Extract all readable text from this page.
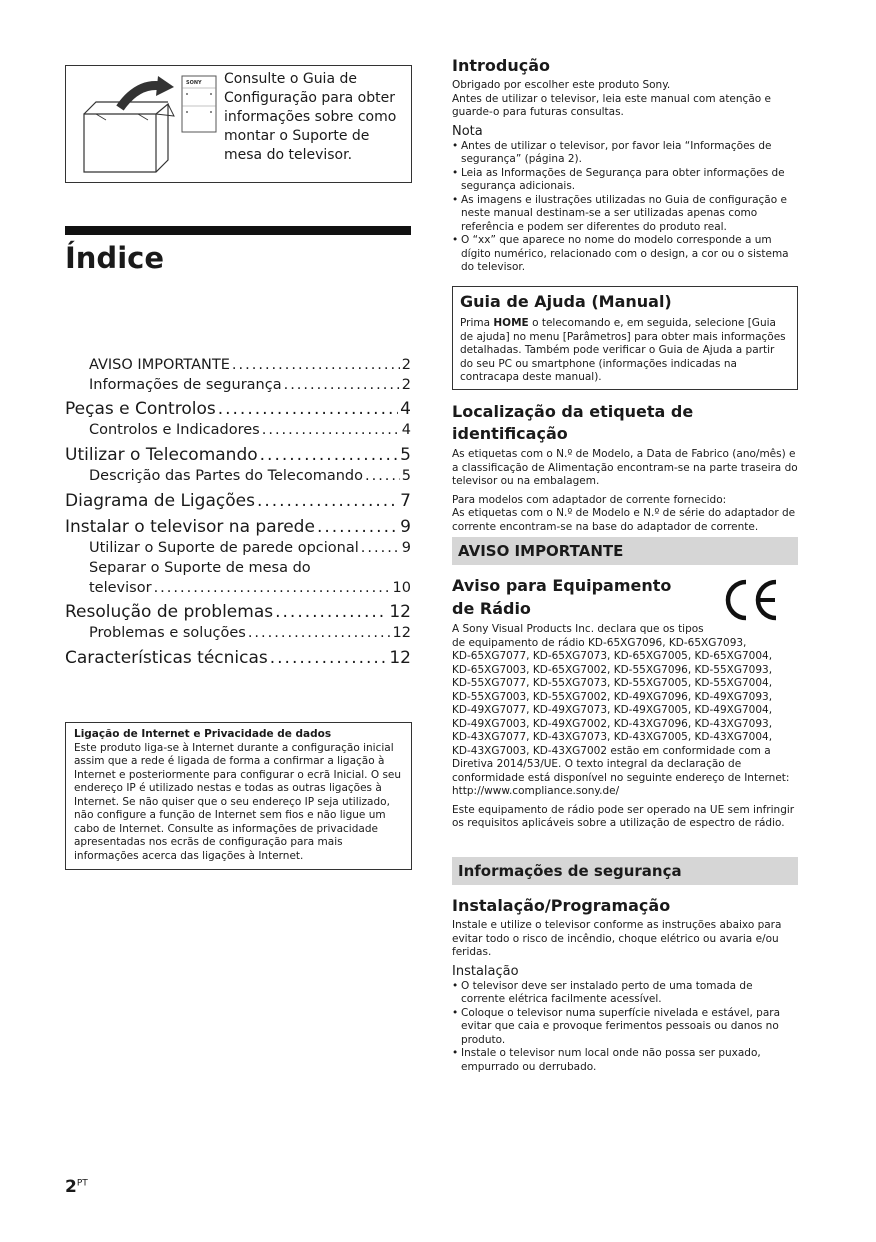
SONY Consulte o Guia de Configuração para obter informações sobre como montar o Suporte de mesa do televisor.
Índice
AVISO IMPORTANTE .....	2
Informações de segurança .....	2
Peças e Controlos .....	4
Controlos e Indicadores .....	4
Utilizar o Telecomando .....	5
Descrição das Partes do Telecomando .....	5
Diagrama de Ligações .....	7
Instalar o televisor na parede .....	9
Utilizar o Suporte de parede opcional .....	9
Separar o Suporte de mesa do
televisor .....	10
Resolução de problemas .....	12
Problemas e soluções .....	12
Características técnicas .....	12
Ligação de Internet e Privacidade de dados
Este produto liga-se à Internet durante a configuração inicial assim que a rede é ligada de forma a confirmar a ligação à Internet e posteriormente para configurar o ecrã Inicial. O seu endereço IP é utilizado nestas e todas as outras ligações à Internet. Se não quiser que o seu endereço IP seja utilizado, não configure a função de Internet sem fios e não ligue um cabo de Internet. Consulte as informações de privacidade apresentadas nos ecrãs de configuração para mais informações acerca das ligações à Internet.
Introdução
Obrigado por escolher este produto Sony.
Antes de utilizar o televisor, leia este manual com atenção e guarde-o para futuras consultas.
Nota
• Antes de utilizar o televisor, por favor leia “Informações de segurança” (página 2).
• Leia as Informações de Segurança para obter informações de segurança adicionais.
• As imagens e ilustrações utilizadas no Guia de configuração e neste manual destinam-se a ser utilizadas apenas como referência e podem ser diferentes do produto real.
• O “xx” que aparece no nome do modelo corresponde a um dígito numérico, relacionado com o design, a cor ou o sistema do televisor.
Guia de Ajuda (Manual)
Prima HOME o telecomando e, em seguida, selecione [Guia de ajuda] no menu [Parâmetros] para obter mais informações detalhadas. Também pode verificar o Guia de Ajuda a partir do seu PC ou smartphone (informações indicadas na contracapa deste manual).
Localização da etiqueta de identificação
As etiquetas com o N.º de Modelo, a Data de Fabrico (ano/mês) e a classificação de Alimentação encontram-se na parte traseira do televisor ou na embalagem.
Para modelos com adaptador de corrente fornecido:
As etiquetas com o N.º de Modelo e N.º de série do adaptador de corrente encontram-se na base do adaptador de corrente.
AVISO IMPORTANTE
Aviso para Equipamento de Rádio
A Sony Visual Products Inc. declara que os tipos
de equipamento de rádio KD-65XG7096, KD-65XG7093,
KD-65XG7077, KD-65XG7073, KD-65XG7005, KD-65XG7004,
KD-65XG7003, KD-65XG7002, KD-55XG7096, KD-55XG7093,
KD-55XG7077, KD-55XG7073, KD-55XG7005, KD-55XG7004,
KD-55XG7003, KD-55XG7002, KD-49XG7096, KD-49XG7093,
KD-49XG7077, KD-49XG7073, KD-49XG7005, KD-49XG7004,
KD-49XG7003, KD-49XG7002, KD-43XG7096, KD-43XG7093,
KD-43XG7077, KD-43XG7073, KD-43XG7005, KD-43XG7004,
KD-43XG7003, KD-43XG7002 estão em conformidade com a
Diretiva 2014/53/UE. O texto integral da declaração de
conformidade está disponível no seguinte endereço de Internet:
http://www.compliance.sony.de/
Este equipamento de rádio pode ser operado na UE sem infringir os requisitos aplicáveis sobre a utilização de espectro de rádio.
Informações de segurança
Instalação/Programação
Instale e utilize o televisor conforme as instruções abaixo para evitar todo o risco de incêndio, choque elétrico ou avaria e/ou feridas.
Instalação
• O televisor deve ser instalado perto de uma tomada de corrente elétrica facilmente acessível.
• Coloque o televisor numa superfície nivelada e estável, para evitar que caia e provoque ferimentos pessoais ou danos no produto.
• Instale o televisor num local onde não possa ser puxado, empurrado ou derrubado.
$2^{PT}$
